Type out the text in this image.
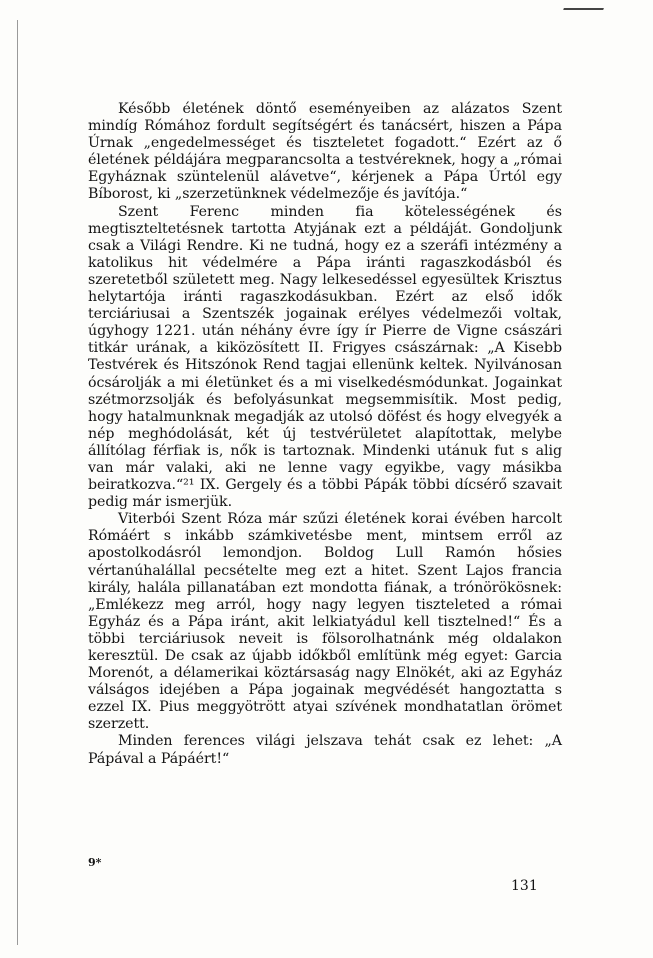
Később életének döntő eseményeiben az alázatos Szent mindíg Rómához fordult segítségért és tanácsért, hiszen a Pápa Úrnak „engedelmességet és tiszteletet fogadott.“ Ezért az ő életének példájára megparancsolta a testvéreknek, hogy a „római Egyháznak szüntelenül alávetve“, kérjenek a Pápa Úrtól egy Bíborost, ki „szerzetünknek védelmezője és javítója.“

Szent Ferenc minden fia kötelességének és megtiszteltetésnek tartotta Atyjának ezt a példáját. Gondoljunk csak a Világi Rendre. Ki ne tudná, hogy ez a szeráfi intézmény a katolikus hit védelmére a Pápa iránti ragaszkodásból és szeretetből született meg. Nagy lelkesedéssel egyesültek Krisztus helytartója iránti ragaszkodásukban. Ezért az első idők terciáriusai a Szentszék jogainak erélyes védelmezői voltak, úgyhogy 1221. után néhány évre így ír Pierre de Vigne császári titkár urának, a kiközösített II. Frigyes császárnak: „A Kisebb Testvérek és Hitszónok Rend tagjai ellenünk keltek. Nyilvánosan ócsárolják a mi életünket és a mi viselkedésmódunkat. Jogainkat szétmorzsolják és befolyásunkat megsemmisítik. Most pedig, hogy hatalmunknak megadják az utolsó döfést és hogy elvegyék a nép meghódolását, két új testvérületet alapítottak, melybe állítólag férfiak is, nők is tartoznak. Mindenki utánuk fut s alig van már valaki, aki ne lenne vagy egyikbe, vagy másikba beiratkozva.“²¹ IX. Gergely és a többi Pápák többi dícsérő szavait pedig már ismerjük.

Viterbói Szent Róza már szűzi életének korai évében harcolt Rómáért s inkább számkivetésbe ment, mintsem erről az apostolkodásról lemondjon. Boldog Lull Ramón hősies vértanúhalállal pecsételte meg ezt a hitet. Szent Lajos francia király, halála pillanatában ezt mondotta fiának, a trónörökösnek: „Emlékezz meg arról, hogy nagy legyen tiszteleted a római Egyház és a Pápa iránt, akit lelkiatyádul kell tisztelned!“ És a többi terciáriusok neveit is fölsorolhatnánk még oldalakon keresztül. De csak az újabb időkből említünk még egyet: Garcia Morenót, a délamerikai köztársaság nagy Elnökét, aki az Egyház válságos idejében a Pápa jogainak megvédését hangoztatta s ezzel IX. Pius meggyötrött atyai szívének mondhatatlan örömet szerzett.

Minden ferences világi jelszava tehát csak ez lehet: „A Pápával a Pápáért!“

9*
131
